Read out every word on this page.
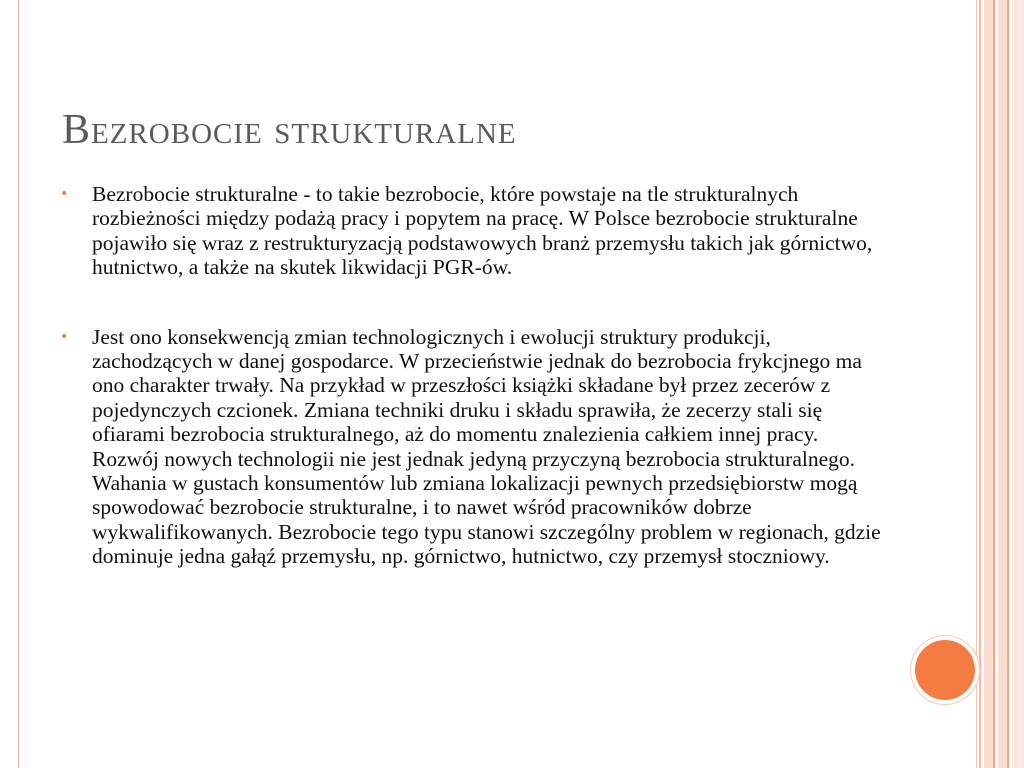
Bezrobocie strukturalne
• Bezrobocie strukturalne - to takie bezrobocie, które powstaje na tle strukturalnych rozbieżności między podażą pracy i popytem na pracę. W Polsce bezrobocie strukturalne pojawiło się wraz z restrukturyzacją podstawowych branż przemysłu takich jak górnictwo, hutnictwo, a także na skutek likwidacji PGR-ów.
• Jest ono konsekwencją zmian technologicznych i ewolucji struktury produkcji, zachodzących w danej gospodarce. W przecieństwie jednak do bezrobocia frykcjnego ma ono charakter trwały. Na przykład w przeszłości książki składane był przez zecerów z pojedynczych czcionek. Zmiana techniki druku i składu sprawiła, że zecerzy stali się ofiarami bezrobocia strukturalnego, aż do momentu znalezienia całkiem innej pracy. Rozwój nowych technologii nie jest jednak jedyną przyczyną bezrobocia strukturalnego. Wahania w gustach konsumentów lub zmiana lokalizacji pewnych przedsiębiorstw mogą spowodować bezrobocie strukturalne, i to nawet wśród pracowników dobrze wykwalifikowanych. Bezrobocie tego typu stanowi szczególny problem w regionach, gdzie dominuje jedna gałąź przemysłu, np. górnictwo, hutnictwo, czy przemysł stoczniowy.
